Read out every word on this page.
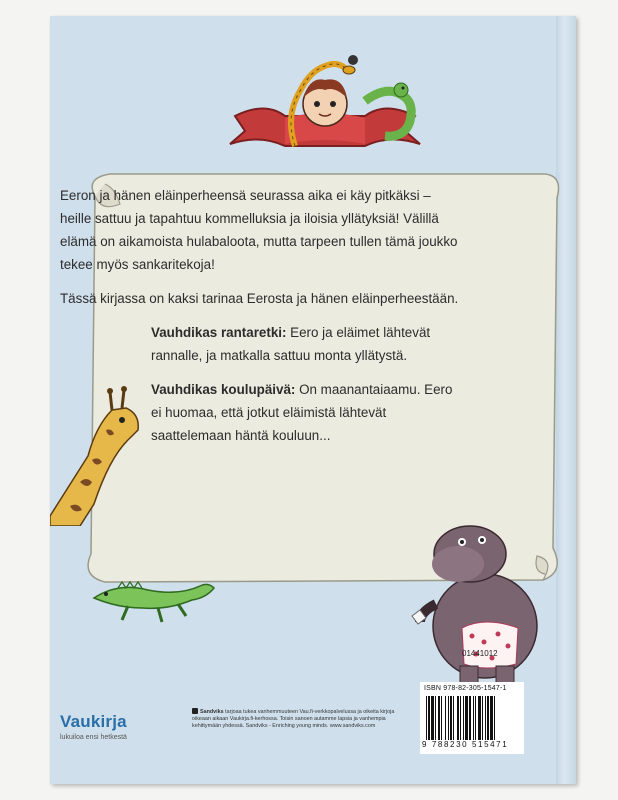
Eeron ja hänen eläinperheensä seurassa aika ei käy pitkäksi – heille sattuu ja tapahtuu kommelluksia ja iloisia yllätyksiä! Välillä elämä on aikamoista hulabaloota, mutta tarpeen tullen tämä joukko tekee myös sankaritekoja!

Tässä kirjassa on kaksi tarinaa Eerosta ja hänen eläinperheestään.

Vauhdikas rantaretki: Eero ja eläimet lähtevät rannalle, ja matkalla sattuu monta yllätystä.

Vauhdikas koulupäivä: On maanantaiaamu. Eero ei huomaa, että jotkut eläimistä lähtevät saattelemaan häntä kouluun...

01441012
Vaukirja
lukuiloa ensi hetkestä
Sandviks tarjoaa tukea vanhemmuuteen Vau.fi-verkkopalvelussa ja oikeita kirjoja oikeaan aikaan Vaukirja.fi-kerhossa. Toisin sanoen autamme lapsia ja vanhempia kehittymään yhdessä. Sandviks - Enriching young minds. www.sandviks.com
ISBN 978-82-305-1547-1
9 788230 515471
